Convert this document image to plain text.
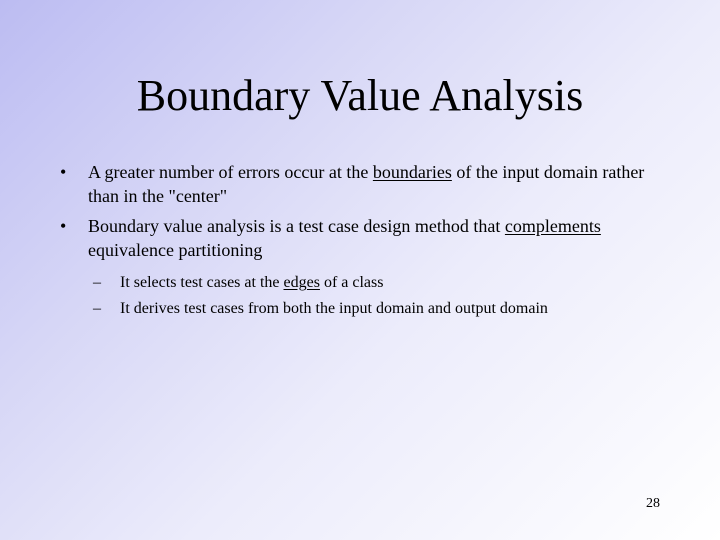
Boundary Value Analysis
• A greater number of errors occur at the boundaries of the input domain rather than in the "center"
• Boundary value analysis is a test case design method that complements equivalence partitioning
– It selects test cases at the edges of a class
– It derives test cases from both the input domain and output domain
28
